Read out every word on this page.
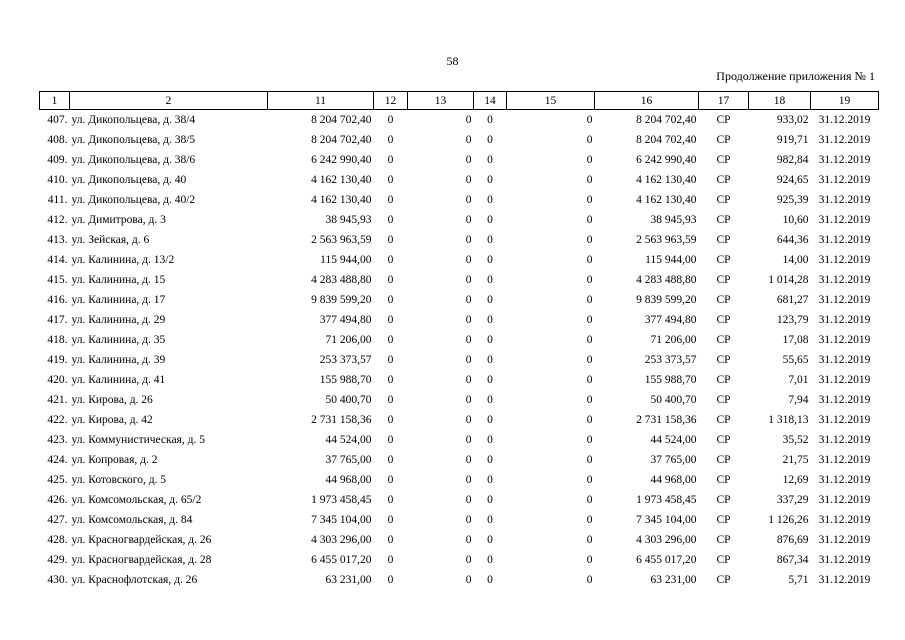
58
Продолжение приложения № 1
1	2	11	12	13	14	15	16	17	18	19
407.	ул. Дикопольцева, д. 38/4	8 204 702,40	0	0	0	0	8 204 702,40	СР	933,02	31.12.2019
408.	ул. Дикопольцева, д. 38/5	8 204 702,40	0	0	0	0	8 204 702,40	СР	919,71	31.12.2019
409.	ул. Дикопольцева, д. 38/6	6 242 990,40	0	0	0	0	6 242 990,40	СР	982,84	31.12.2019
410.	ул. Дикопольцева, д. 40	4 162 130,40	0	0	0	0	4 162 130,40	СР	924,65	31.12.2019
411.	ул. Дикопольцева, д. 40/2	4 162 130,40	0	0	0	0	4 162 130,40	СР	925,39	31.12.2019
412.	ул. Димитрова, д. 3	38 945,93	0	0	0	0	38 945,93	СР	10,60	31.12.2019
413.	ул. Зейская, д. 6	2 563 963,59	0	0	0	0	2 563 963,59	СР	644,36	31.12.2019
414.	ул. Калинина, д. 13/2	115 944,00	0	0	0	0	115 944,00	СР	14,00	31.12.2019
415.	ул. Калинина, д. 15	4 283 488,80	0	0	0	0	4 283 488,80	СР	1 014,28	31.12.2019
416.	ул. Калинина, д. 17	9 839 599,20	0	0	0	0	9 839 599,20	СР	681,27	31.12.2019
417.	ул. Калинина, д. 29	377 494,80	0	0	0	0	377 494,80	СР	123,79	31.12.2019
418.	ул. Калинина, д. 35	71 206,00	0	0	0	0	71 206,00	СР	17,08	31.12.2019
419.	ул. Калинина, д. 39	253 373,57	0	0	0	0	253 373,57	СР	55,65	31.12.2019
420.	ул. Калинина, д. 41	155 988,70	0	0	0	0	155 988,70	СР	7,01	31.12.2019
421.	ул. Кирова, д. 26	50 400,70	0	0	0	0	50 400,70	СР	7,94	31.12.2019
422.	ул. Кирова, д. 42	2 731 158,36	0	0	0	0	2 731 158,36	СР	1 318,13	31.12.2019
423.	ул. Коммунистическая, д. 5	44 524,00	0	0	0	0	44 524,00	СР	35,52	31.12.2019
424.	ул. Копровая, д. 2	37 765,00	0	0	0	0	37 765,00	СР	21,75	31.12.2019
425.	ул. Котовского, д. 5	44 968,00	0	0	0	0	44 968,00	СР	12,69	31.12.2019
426.	ул. Комсомольская, д. 65/2	1 973 458,45	0	0	0	0	1 973 458,45	СР	337,29	31.12.2019
427.	ул. Комсомольская, д. 84	7 345 104,00	0	0	0	0	7 345 104,00	СР	1 126,26	31.12.2019
428.	ул. Красногвардейская, д. 26	4 303 296,00	0	0	0	0	4 303 296,00	СР	876,69	31.12.2019
429.	ул. Красногвардейская, д. 28	6 455 017,20	0	0	0	0	6 455 017,20	СР	867,34	31.12.2019
430.	ул. Краснофлотская, д. 26	63 231,00	0	0	0	0	63 231,00	СР	5,71	31.12.2019
